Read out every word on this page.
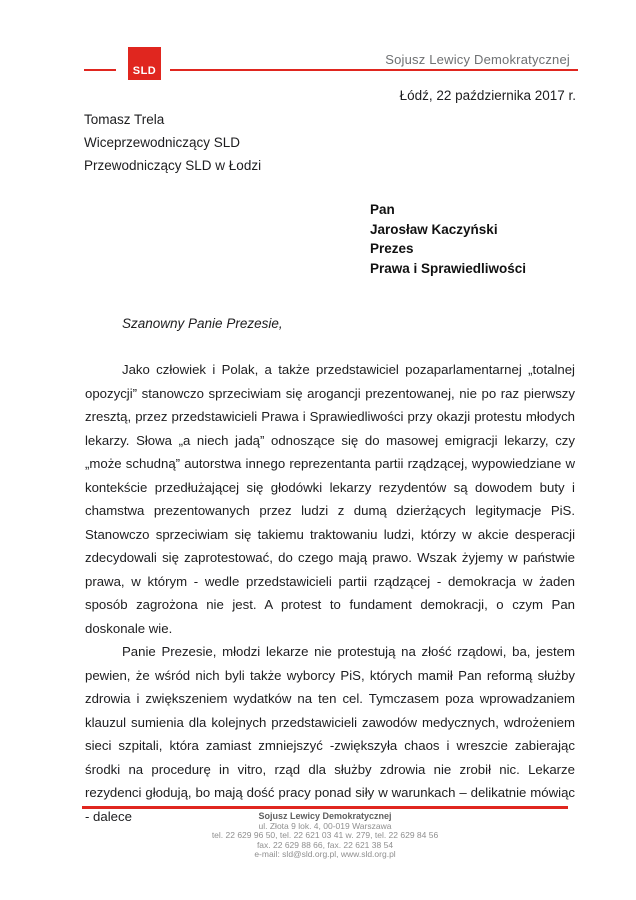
SLD
Sojusz Lewicy Demokratycznej
Łódź, 22 października 2017 r.
Tomasz Trela
Wiceprzewodniczący SLD
Przewodniczący SLD w Łodzi
Pan
Jarosław Kaczyński
Prezes
Prawa i Sprawiedliwości
Szanowny Panie Prezesie,

Jako człowiek i Polak, a także przedstawiciel pozaparlamentarnej „totalnej opozycji” stanowczo sprzeciwiam się arogancji prezentowanej, nie po raz pierwszy zresztą, przez przedstawicieli Prawa i Sprawiedliwości przy okazji protestu młodych lekarzy. Słowa „a niech jadą” odnoszące się do masowej emigracji lekarzy, czy „może schudną” autorstwa innego reprezentanta partii rządzącej, wypowiedziane w kontekście przedłużającej się głodówki lekarzy rezydentów są dowodem buty i chamstwa prezentowanych przez ludzi z dumą dzierżących legitymacje PiS. Stanowczo sprzeciwiam się takiemu traktowaniu ludzi, którzy w akcie desperacji zdecydowali się zaprotestować, do czego mają prawo. Wszak żyjemy w państwie prawa, w którym - wedle przedstawicieli partii rządzącej - demokracja w żaden sposób zagrożona nie jest. A protest to fundament demokracji, o czym Pan doskonale wie.

Panie Prezesie, młodzi lekarze nie protestują na złość rządowi, ba, jestem pewien, że wśród nich byli także wyborcy PiS, których mamił Pan reformą służby zdrowia i zwiększeniem wydatków na ten cel. Tymczasem poza wprowadzaniem klauzul sumienia dla kolejnych przedstawicieli zawodów medycznych, wdrożeniem sieci szpitali, która zamiast zmniejszyć -zwiększyła chaos i wreszcie zabierając środki na procedurę in vitro, rząd dla służby zdrowia nie zrobił nic. Lekarze rezydenci głodują, bo mają dość pracy ponad siły w warunkach – delikatnie mówiąc - dalece	Sojusz Lewicy Demokratycznej
ul. Złota 9 lok. 4, 00-019 Warszawa
tel. 22 629 96 50, tel. 22 621 03 41 w. 279, tel. 22 629 84 56
fax. 22 629 88 66, fax. 22 621 38 54
e-mail: sld@sld.org.pl, www.sld.org.pl
